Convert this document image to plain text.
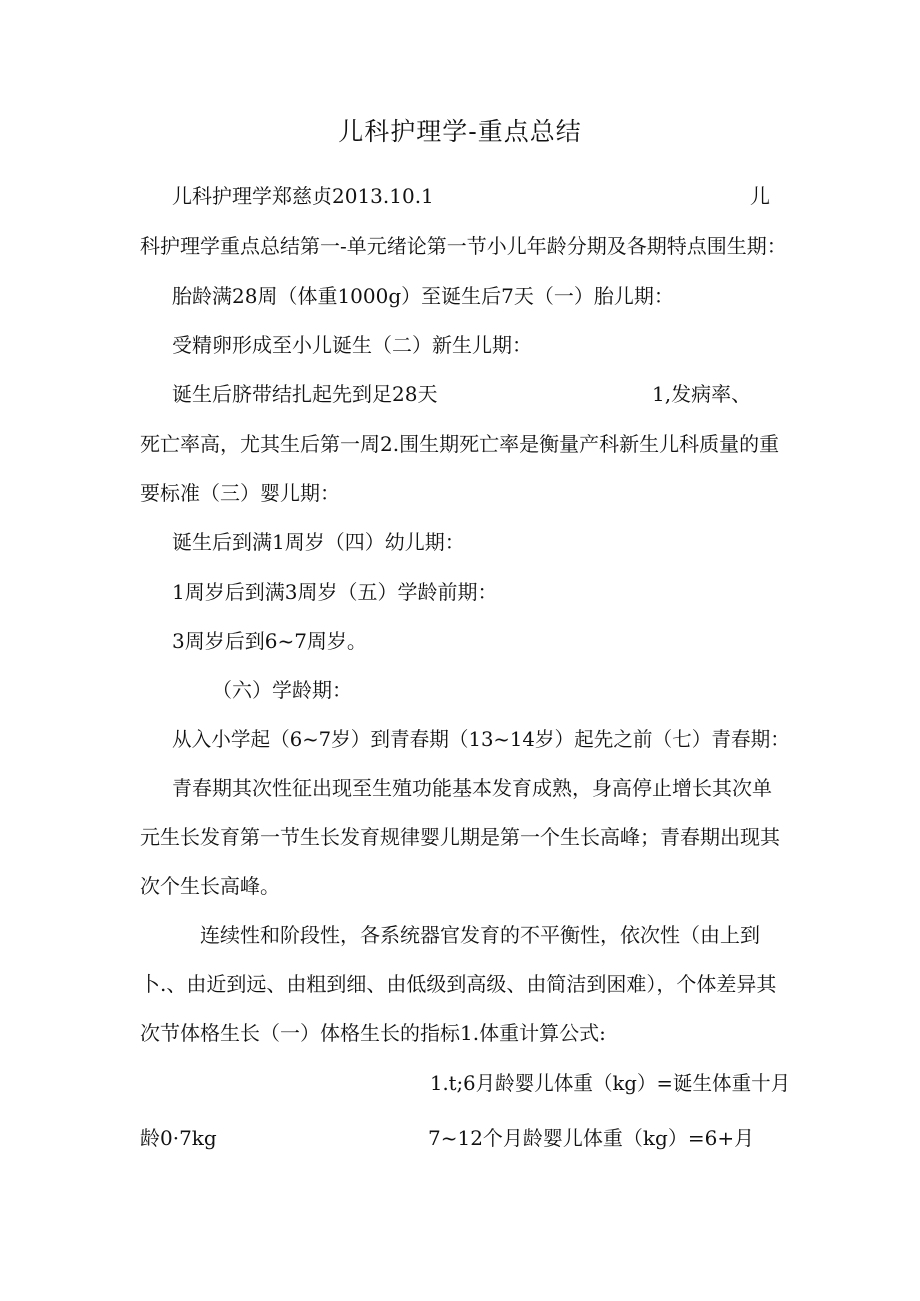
儿科护理学-重点总结
儿科护理学郑慈贞2013.10.1	儿
科护理学重点总结第一-单元绪论第一节小儿年龄分期及各期特点围生期：
胎龄满28周（体重1000g）至诞生后7天（一）胎儿期：
受精卵形成至小儿诞生（二）新生儿期：
诞生后脐带结扎起先到足28天	1,发病率、
死亡率高，尤其生后第一周2.围生期死亡率是衡量产科新生儿科质量的重
要标准（三）婴儿期：
诞生后到满1周岁（四）幼儿期：
1周岁后到满3周岁（五）学龄前期：
3周岁后到6~7周岁。
（六）学龄期：
从入小学起（6~7岁）到青春期（13~14岁）起先之前（七）青春期：
青春期其次性征出现至生殖功能基本发育成熟，身高停止增长其次单
元生长发育第一节生长发育规律婴儿期是第一个生长高峰；青春期出现其
次个生长高峰。
连续性和阶段性，各系统器官发育的不平衡性，依次性（由上到
卜.、由近到远、由粗到细、由低级到高级、由简洁到困难），个体差异其
次节体格生长（一）体格生长的指标1.体重计算公式:
1.t;6月龄婴儿体重（kg）=诞生体重十月
龄0·7kg	7~12个月龄婴儿体重（kg）=6+月
